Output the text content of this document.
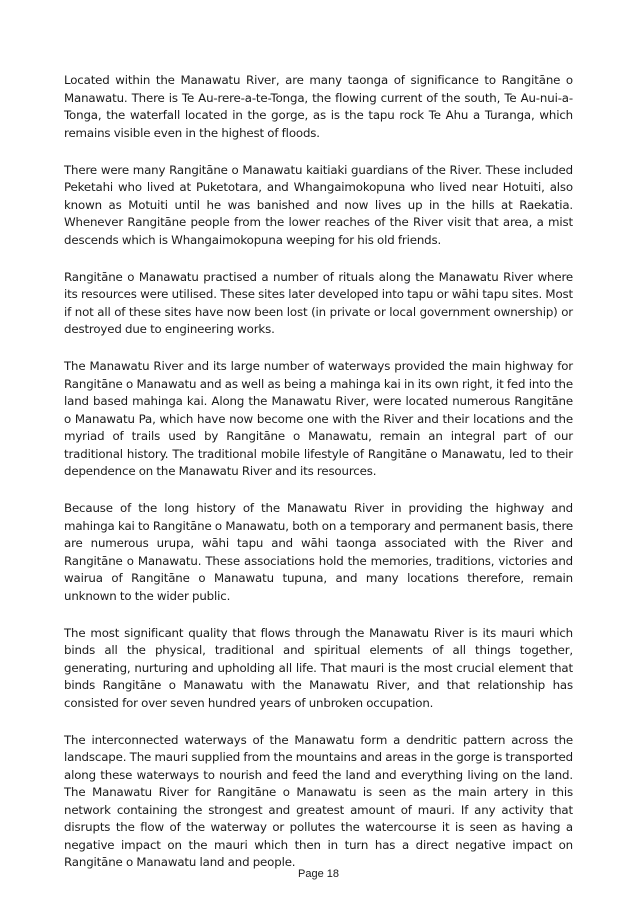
Located within the Manawatu River, are many taonga of significance to Rangitāne o Manawatu. There is Te Au-rere-a-te-Tonga, the flowing current of the south, Te Au-nui-a-Tonga, the waterfall located in the gorge, as is the tapu rock Te Ahu a Turanga, which remains visible even in the highest of floods.

There were many Rangitāne o Manawatu kaitiaki guardians of the River. These included Peketahi who lived at Puketotara, and Whangaimokopuna who lived near Hotuiti, also known as Motuiti until he was banished and now lives up in the hills at Raekatia. Whenever Rangitāne people from the lower reaches of the River visit that area, a mist descends which is Whangaimokopuna weeping for his old friends.

Rangitāne o Manawatu practised a number of rituals along the Manawatu River where its resources were utilised. These sites later developed into tapu or wāhi tapu sites. Most if not all of these sites have now been lost (in private or local government ownership) or destroyed due to engineering works.

The Manawatu River and its large number of waterways provided the main highway for Rangitāne o Manawatu and as well as being a mahinga kai in its own right, it fed into the land based mahinga kai. Along the Manawatu River, were located numerous Rangitāne o Manawatu Pa, which have now become one with the River and their locations and the myriad of trails used by Rangitāne o Manawatu, remain an integral part of our traditional history. The traditional mobile lifestyle of Rangitāne o Manawatu, led to their dependence on the Manawatu River and its resources.

Because of the long history of the Manawatu River in providing the highway and mahinga kai to Rangitāne o Manawatu, both on a temporary and permanent basis, there are numerous urupa, wāhi tapu and wāhi taonga associated with the River and Rangitāne o Manawatu. These associations hold the memories, traditions, victories and wairua of Rangitāne o Manawatu tupuna, and many locations therefore, remain unknown to the wider public.

The most significant quality that flows through the Manawatu River is its mauri which binds all the physical, traditional and spiritual elements of all things together, generating, nurturing and upholding all life. That mauri is the most crucial element that binds Rangitāne o Manawatu with the Manawatu River, and that relationship has consisted for over seven hundred years of unbroken occupation.

The interconnected waterways of the Manawatu form a dendritic pattern across the landscape. The mauri supplied from the mountains and areas in the gorge is transported along these waterways to nourish and feed the land and everything living on the land. The Manawatu River for Rangitāne o Manawatu is seen as the main artery in this network containing the strongest and greatest amount of mauri. If any activity that disrupts the flow of the waterway or pollutes the watercourse it is seen as having a negative impact on the mauri which then in turn has a direct negative impact on Rangitāne o Manawatu land and people.

Page 18
